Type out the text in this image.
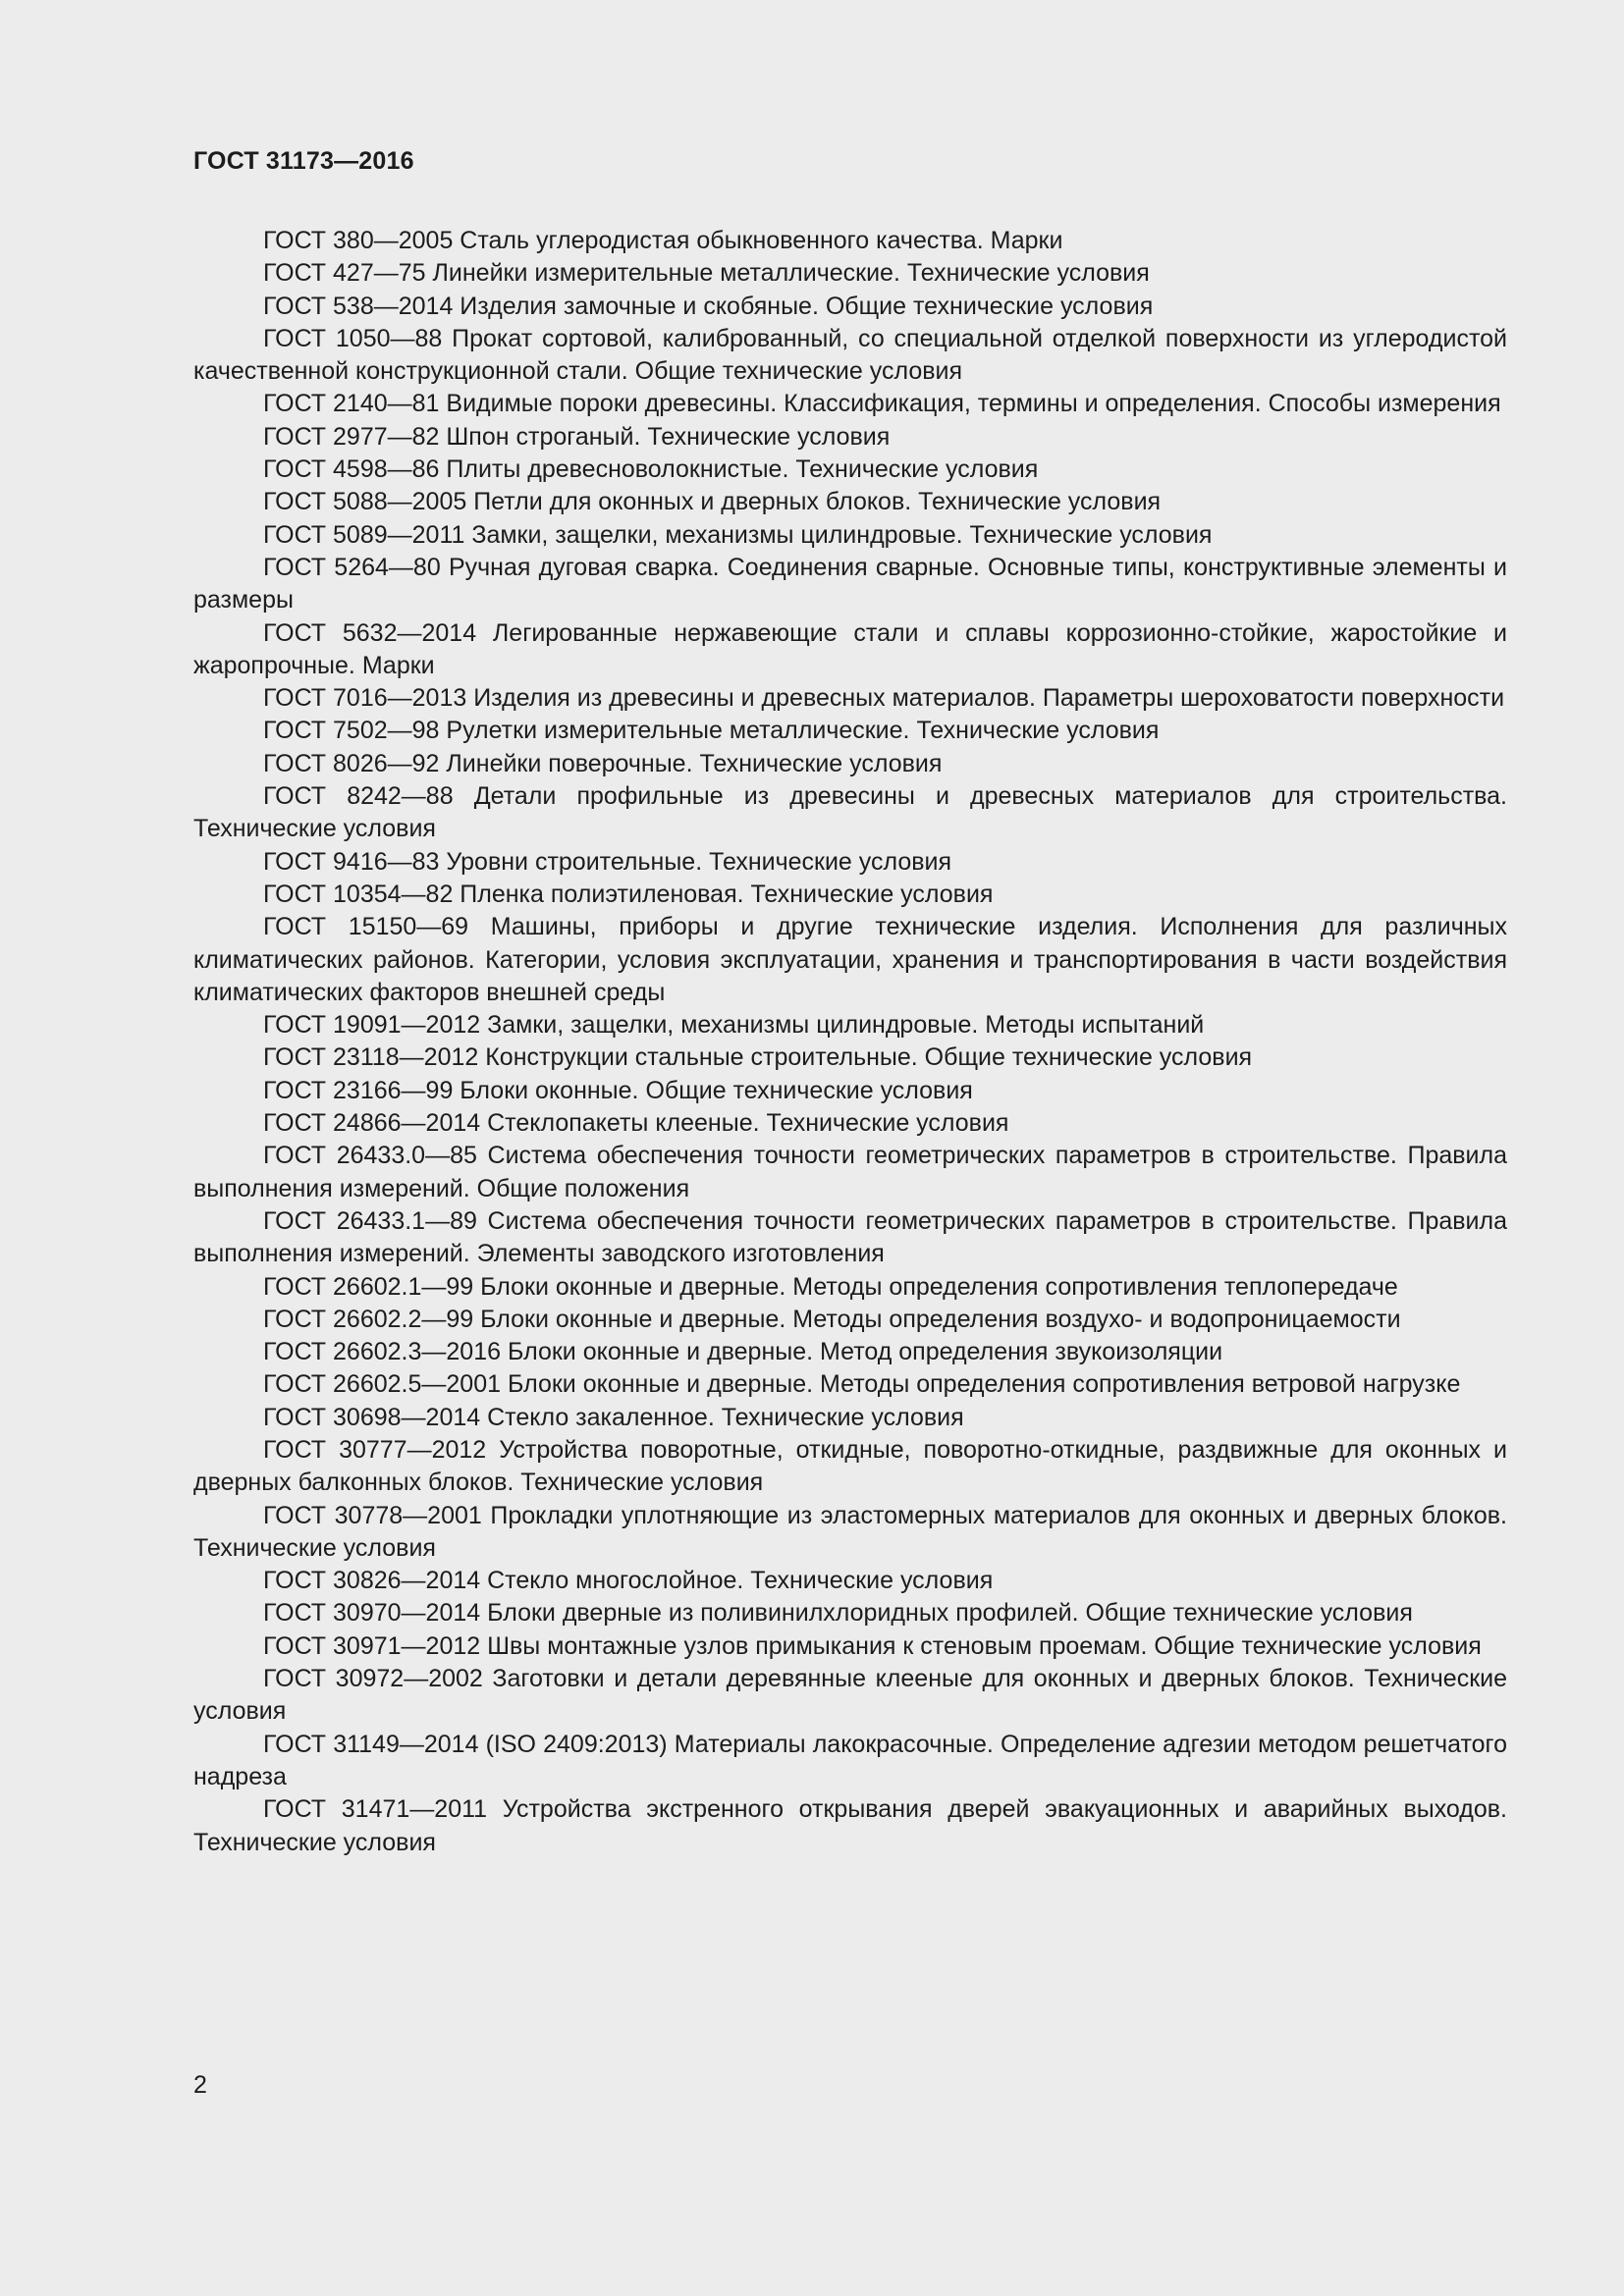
ГОСТ 31173—2016

ГОСТ 380—2005 Сталь углеродистая обыкновенного качества. Марки

ГОСТ 427—75 Линейки измерительные металлические. Технические условия

ГОСТ 538—2014 Изделия замочные и скобяные. Общие технические условия

ГОСТ 1050—88 Прокат сортовой, калиброванный, со специальной отделкой поверхности из углеродистой качественной конструкционной стали. Общие технические условия

ГОСТ 2140—81 Видимые пороки древесины. Классификация, термины и определения. Способы измерения

ГОСТ 2977—82 Шпон строганый. Технические условия

ГОСТ 4598—86 Плиты древесноволокнистые. Технические условия

ГОСТ 5088—2005 Петли для оконных и дверных блоков. Технические условия

ГОСТ 5089—2011 Замки, защелки, механизмы цилиндровые. Технические условия

ГОСТ 5264—80 Ручная дуговая сварка. Соединения сварные. Основные типы, конструктивные элементы и размеры

ГОСТ 5632—2014 Легированные нержавеющие стали и сплавы коррозионно-стойкие, жаростойкие и жаропрочные. Марки

ГОСТ 7016—2013 Изделия из древесины и древесных материалов. Параметры шероховатости поверхности

ГОСТ 7502—98 Рулетки измерительные металлические. Технические условия

ГОСТ 8026—92 Линейки поверочные. Технические условия

ГОСТ 8242—88 Детали профильные из древесины и древесных материалов для строительства. Технические условия

ГОСТ 9416—83 Уровни строительные. Технические условия

ГОСТ 10354—82 Пленка полиэтиленовая. Технические условия

ГОСТ 15150—69 Машины, приборы и другие технические изделия. Исполнения для различных климатических районов. Категории, условия эксплуатации, хранения и транспортирования в части воздействия климатических факторов внешней среды

ГОСТ 19091—2012 Замки, защелки, механизмы цилиндровые. Методы испытаний

ГОСТ 23118—2012 Конструкции стальные строительные. Общие технические условия

ГОСТ 23166—99 Блоки оконные. Общие технические условия

ГОСТ 24866—2014 Стеклопакеты клееные. Технические условия

ГОСТ 26433.0—85 Система обеспечения точности геометрических параметров в строительстве. Правила выполнения измерений. Общие положения

ГОСТ 26433.1—89 Система обеспечения точности геометрических параметров в строительстве. Правила выполнения измерений. Элементы заводского изготовления

ГОСТ 26602.1—99 Блоки оконные и дверные. Методы определения сопротивления теплопередаче

ГОСТ 26602.2—99 Блоки оконные и дверные. Методы определения воздухо- и водопроницаемости

ГОСТ 26602.3—2016 Блоки оконные и дверные. Метод определения звукоизоляции

ГОСТ 26602.5—2001 Блоки оконные и дверные. Методы определения сопротивления ветровой нагрузке

ГОСТ 30698—2014 Стекло закаленное. Технические условия

ГОСТ 30777—2012 Устройства поворотные, откидные, поворотно-откидные, раздвижные для оконных и дверных балконных блоков. Технические условия

ГОСТ 30778—2001 Прокладки уплотняющие из эластомерных материалов для оконных и дверных блоков. Технические условия

ГОСТ 30826—2014 Стекло многослойное. Технические условия

ГОСТ 30970—2014 Блоки дверные из поливинилхлоридных профилей. Общие технические условия

ГОСТ 30971—2012 Швы монтажные узлов примыкания к стеновым проемам. Общие технические условия

ГОСТ 30972—2002 Заготовки и детали деревянные клееные для оконных и дверных блоков. Технические условия

ГОСТ 31149—2014 (ISO 2409:2013) Материалы лакокрасочные. Определение адгезии методом решетчатого надреза

ГОСТ 31471—2011 Устройства экстренного открывания дверей эвакуационных и аварийных выходов. Технические условия

2
